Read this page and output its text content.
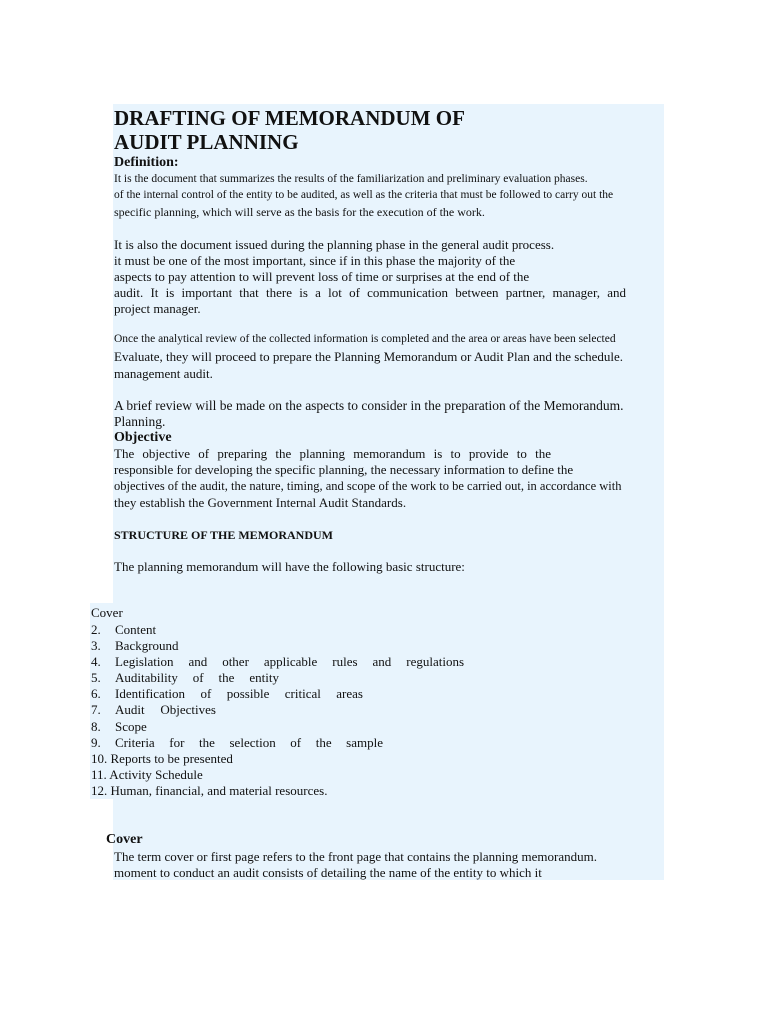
DRAFTING OF MEMORANDUM OF
AUDIT PLANNING
Definition:
It is the document that summarizes the results of the familiarization and preliminary evaluation phases.
of the internal control of the entity to be audited, as well as the criteria that must be followed to carry out the
specific planning, which will serve as the basis for the execution of the work.
It is also the document issued during the planning phase in the general audit process.
it must be one of the most important, since if in this phase the majority of the
aspects to pay attention to will prevent loss of time or surprises at the end of the
audit. It is important that there is a lot of communication between partner, manager, and
project manager.
Once the analytical review of the collected information is completed and the area or areas have been selected
Evaluate, they will proceed to prepare the Planning Memorandum or Audit Plan and the schedule.
management audit.
A brief review will be made on the aspects to consider in the preparation of the Memorandum.
Planning.
Objective
The objective of preparing the planning memorandum is to provide to the
responsible for developing the specific planning, the necessary information to define the
objectives of the audit, the nature, timing, and scope of the work to be carried out, in accordance with
they establish the Government Internal Audit Standards.
STRUCTURE OF THE MEMORANDUM
The planning memorandum will have the following basic structure:
Cover
2. Content
3. Background
4. Legislation and other applicable rules and regulations
5. Auditability of the entity
6. Identification of possible critical areas
7. Audit Objectives
8. Scope
9. Criteria for the selection of the sample
10. Reports to be presented
11. Activity Schedule
12. Human, financial, and material resources.
Cover
The term cover or first page refers to the front page that contains the planning memorandum.
moment to conduct an audit consists of detailing the name of the entity to which it
